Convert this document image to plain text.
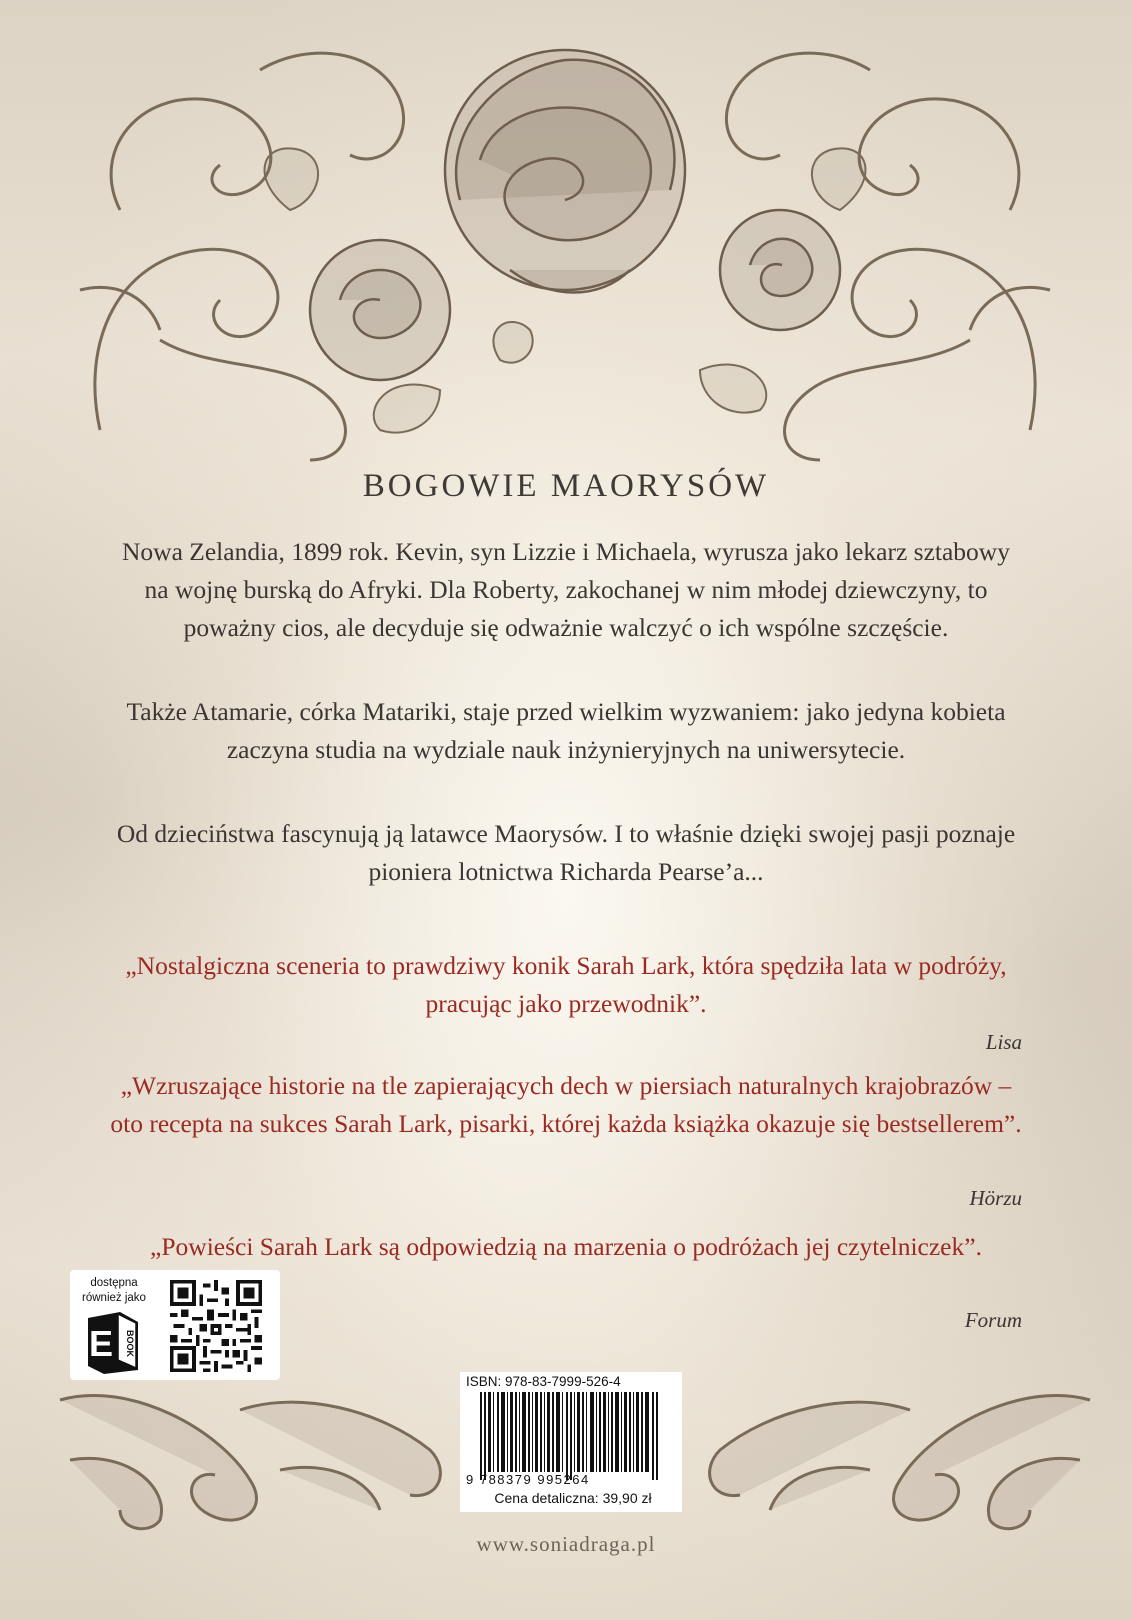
BOGOWIE MAORYSÓW

Nowa Zelandia, 1899 rok. Kevin, syn Lizzie i Michaela, wyrusza jako lekarz sztabowy na wojnę burską do Afryki. Dla Roberty, zakochanej w nim młodej dziewczyny, to poważny cios, ale decyduje się odważnie walczyć o ich wspólne szczęście.

Także Atamarie, córka Matariki, staje przed wielkim wyzwaniem: jako jedyna kobieta zaczyna studia na wydziale nauk inżynieryjnych na uniwersytecie.

Od dzieciństwa fascynują ją latawce Maorysów. I to właśnie dzięki swojej pasji poznaje pioniera lotnictwa Richarda Pearse’a...

„Nostalgiczna sceneria to prawdziwy konik Sarah Lark, która spędziła lata w podróży, pracując jako przewodnik”.

Lisa

„Wzruszające historie na tle zapierających dech w piersiach naturalnych krajobrazów – oto recepta na sukces Sarah Lark, pisarki, której każda książka okazuje się bestsellerem”.

Hörzu

„Powieści Sarah Lark są odpowiedzią na marzenia o podróżach jej czytelniczek”.

Forum
dostępna również jako
E BOOK
ISBN: 978-83-7999-526-4
9 788379 995264
Cena detaliczna: 39,90 zł
www.soniadraga.pl
